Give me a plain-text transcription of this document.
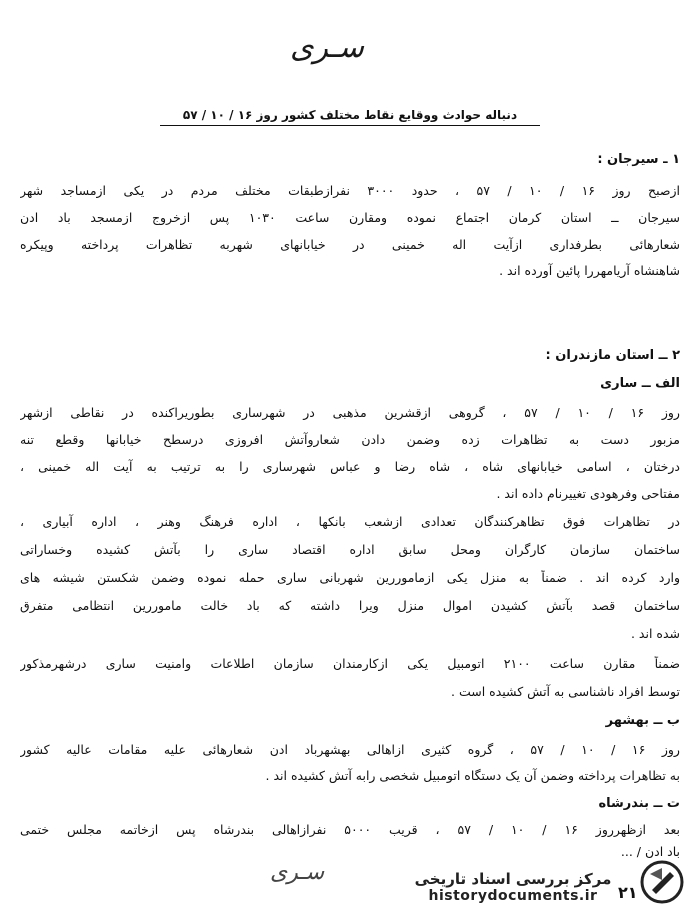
سـری
دنباله حوادث ووقایع نقاط مختلف کشور روز ۱۶ / ۱۰ / ۵۷
۱ ـ سیرجان :
ازصبح روز ۱۶ / ۱۰ / ۵۷ ، حدود ۳۰۰۰ نفرازطبقات مختلف مردم در یکی ازمساجد شهر
سیرجان ــ استان کرمان اجتماع نموده ومقارن ساعت ۱۰۳۰ پس ازخروج ازمسجد باد ادن
شعارهائی بطرفداری ازآیت اله خمینی در خیابانهای شهربه تظاهرات پرداخته وپیکره
شاهنشاه آریامهررا پائین آورده اند .
۲ ــ استان مازندران :
الف ــ ساری
روز ۱۶ / ۱۰ / ۵۷ ، گروهی ازقشرین مذهبی در شهرساری بطوریراکنده در نقاطی ازشهر
مزبور دست به تظاهرات زده وضمن دادن شعاروآتش افروزی درسطح خیابانها وقطع تنه
درختان ، اسامی خیابانهای شاه ، شاه رضا و عباس شهرساری را به ترتیب به آیت اله خمینی ،
مفتاحی وفرهودی تغییرنام داده اند .
در تظاهرات فوق تظاهرکنندگان تعدادی ازشعب بانکها ، اداره فرهنگ وهنر ، اداره آبیاری ،
ساختمان سازمان کارگران ومحل سابق اداره اقتصاد ساری را بآتش کشیده وخساراتی
وارد کرده اند . ضمناً به منزل یکی ازماموررین شهربانی ساری حمله نموده وضمن شکستن شیشه های
ساختمان قصد بآتش کشیدن اموال منزل ویرا داشته که باد خالت ماموررین انتظامی متفرق
شده اند .
ضمناً مقارن ساعت ۲۱۰۰ اتومبیل یکی ازکارمندان سازمان اطلاعات وامنیت ساری درشهرمذکور
توسط افراد ناشناسی به آتش کشیده است .
ب ــ بهشهر
روز ۱۶ / ۱۰ / ۵۷ ، گروه کثیری ازاهالی بهشهرباد ادن شعارهائی علیه مقامات عالیه کشور
به تظاهرات پرداخته وضمن آن یک دستگاه اتومبیل شخصی رابه آتش کشیده اند .
ت ــ بندرشاه
بعد ازظهرروز ۱۶ / ۱۰ / ۵۷ ، قریب ۵۰۰۰ نفرازاهالی بندرشاه پس ازخاتمه مجلس ختمی
باد ادن / ...
سـری	مرکز بررسی اسناد تاریخی
historydocuments.ir	۲۱
